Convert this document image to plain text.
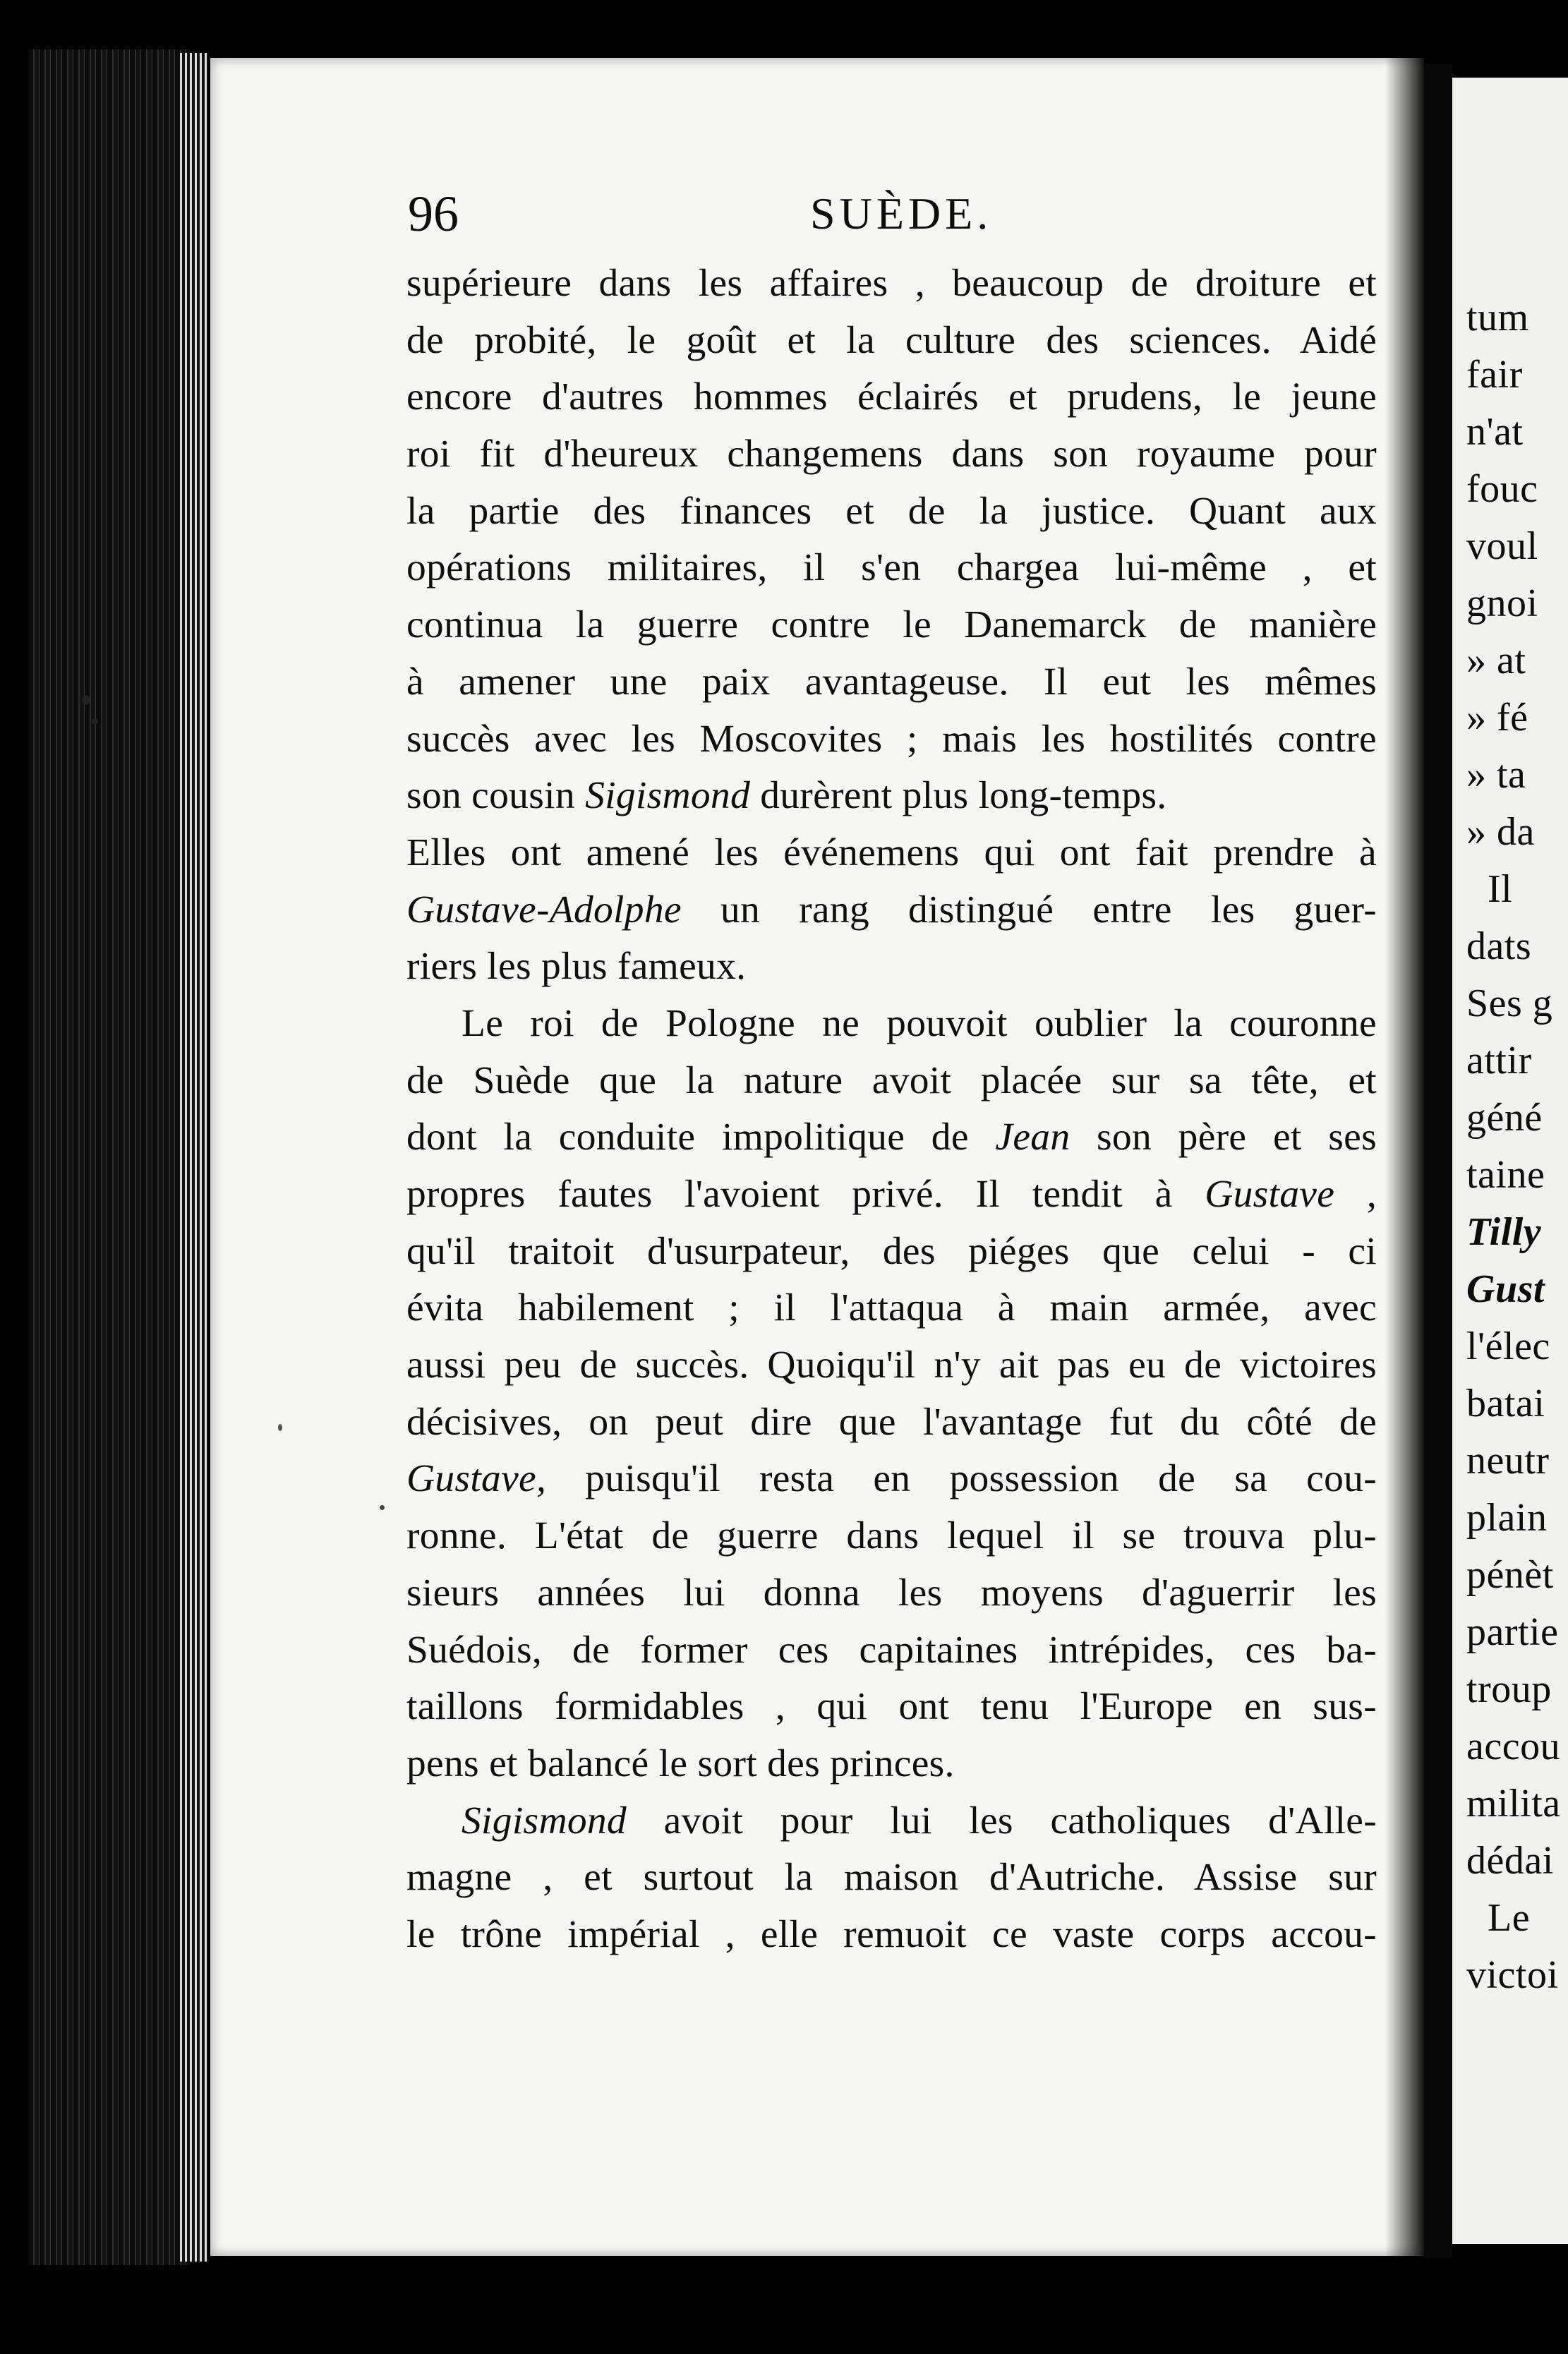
96	SUÈDE.
supérieure dans les affaires , beaucoup de droiture et
de probité, le goût et la culture des sciences. Aidé
encore d'autres hommes éclairés et prudens, le jeune
roi fit d'heureux changemens dans son royaume pour
la partie des finances et de la justice. Quant aux
opérations militaires, il s'en chargea lui-même , et
continua la guerre contre le Danemarck de manière
à amener une paix avantageuse. Il eut les mêmes
succès avec les Moscovites ; mais les hostilités contre
son cousin Sigismond durèrent plus long-temps.
Elles ont amené les événemens qui ont fait prendre à
Gustave-Adolphe un rang distingué entre les guer-
riers les plus fameux.
Le roi de Pologne ne pouvoit oublier la couronne
de Suède que la nature avoit placée sur sa tête, et
dont la conduite impolitique de Jean son père et ses
propres fautes l'avoient privé. Il tendit à Gustave ,
qu'il traitoit d'usurpateur, des piéges que celui - ci
évita habilement ; il l'attaqua à main armée, avec
aussi peu de succès. Quoiqu'il n'y ait pas eu de victoires
décisives, on peut dire que l'avantage fut du côté de
Gustave, puisqu'il resta en possession de sa cou-
ronne. L'état de guerre dans lequel il se trouva plu-
sieurs années lui donna les moyens d'aguerrir les
Suédois, de former ces capitaines intrépides, ces ba-
taillons formidables , qui ont tenu l'Europe en sus-
pens et balancé le sort des princes.
Sigismond avoit pour lui les catholiques d'Alle-
magne , et surtout la maison d'Autriche. Assise sur
le trône impérial , elle remuoit ce vaste corps accou-
tum
fair
n'at
fouc
voul
gnoi
» at
» fé
» ta
» da
Il
dats
Ses g
attir
géné
taine
Tilly
Gust
l'élec
batai
neutr
plain
pénèt
partie
troup
accou
milita
dédai
Le
victoi
